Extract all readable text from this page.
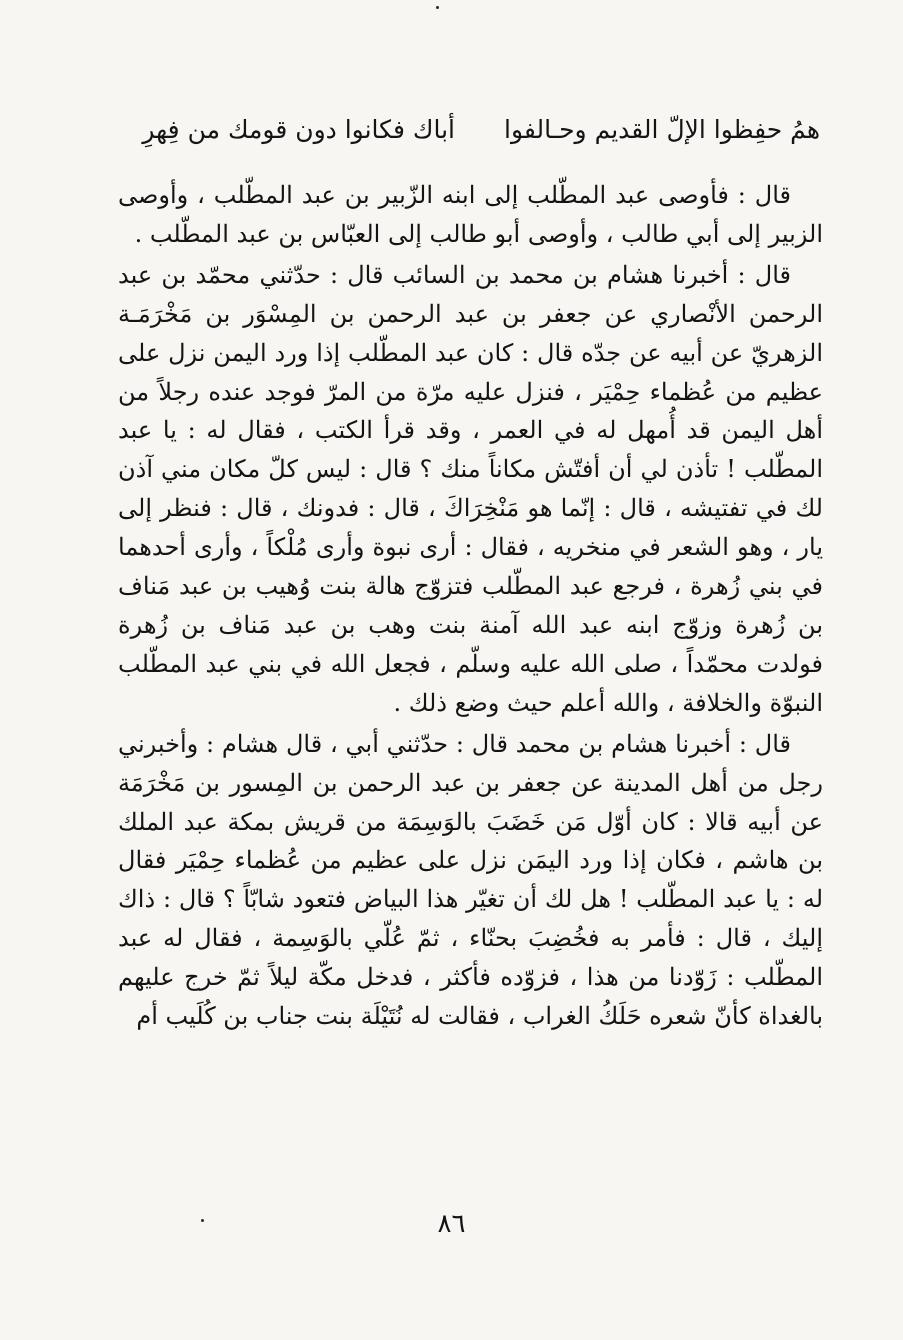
همُ حفِظوا الإلّ القديم وحـالفوا
أباك فكانوا دون قومك من فِهرِ

قال : فأوصى عبد المطّلب إلى ابنه الزّبير بن عبد المطّلب ، وأوصى الزبير إلى أبي طالب ، وأوصى أبو طالب إلى العبّاس بن عبد المطّلب .

قال : أخبرنا هشام بن محمد بن السائب قال : حدّثني محمّد بن عبد الرحمن الأنْصاري عن جعفر بن عبد الرحمن بن المِسْوَر بن مَخْرَمَـة الزهريّ عن أبيه عن جدّه قال : كان عبد المطّلب إذا ورد اليمن نزل على عظيم من عُظماء حِمْيَر ، فنزل عليه مرّة من المرّ فوجد عنده رجلاً من أهل اليمن قد أُمهل له في العمر ، وقد قرأ الكتب ، فقال له : يا عبد المطّلب ! تأذن لي أن أفتّش مكاناً منك ؟ قال : ليس كلّ مكان مني آذن لك في تفتيشه ، قال : إنّما هو مَنْخِرَاكَ ، قال : فدونك ، قال : فنظر إلى يار ، وهو الشعر في منخريه ، فقال : أرى نبوة وأرى مُلْكاً ، وأرى أحدهما في بني زُهرة ، فرجع عبد المطّلب فتزوّج هالة بنت وُهيب بن عبد مَناف بن زُهرة وزوّج ابنه عبد الله آمنة بنت وهب بن عبد مَناف بن زُهرة فولدت محمّداً ، صلى الله عليه وسلّم ، فجعل الله في بني عبد المطّلب النبوّة والخلافة ، والله أعلم حيث وضع ذلك .

قال : أخبرنا هشام بن محمد قال : حدّثني أبي ، قال هشام : وأخبرني رجل من أهل المدينة عن جعفر بن عبد الرحمن بن المِسور بن مَخْرَمَة عن أبيه قالا : كان أوّل مَن خَضَبَ بالوَسِمَة من قريش بمكة عبد الملك بن هاشم ، فكان إذا ورد اليمَن نزل على عظيم من عُظماء حِمْيَر فقال له : يا عبد المطّلب ! هل لك أن تغيّر هذا البياض فتعود شابّاً ؟ قال : ذاك إليك ، قال : فأمر به فخُضِبَ بحنّاء ، ثمّ عُلّي بالوَسِمة ، فقال له عبد المطّلب : زَوّدنا من هذا ، فزوّده فأكثر ، فدخل مكّة ليلاً ثمّ خرج عليهم بالغداة كأنّ شعره حَلَكُ الغراب ، فقالت له نُتَيْلَة بنت جناب بن كُلَيب أم

٨٦
